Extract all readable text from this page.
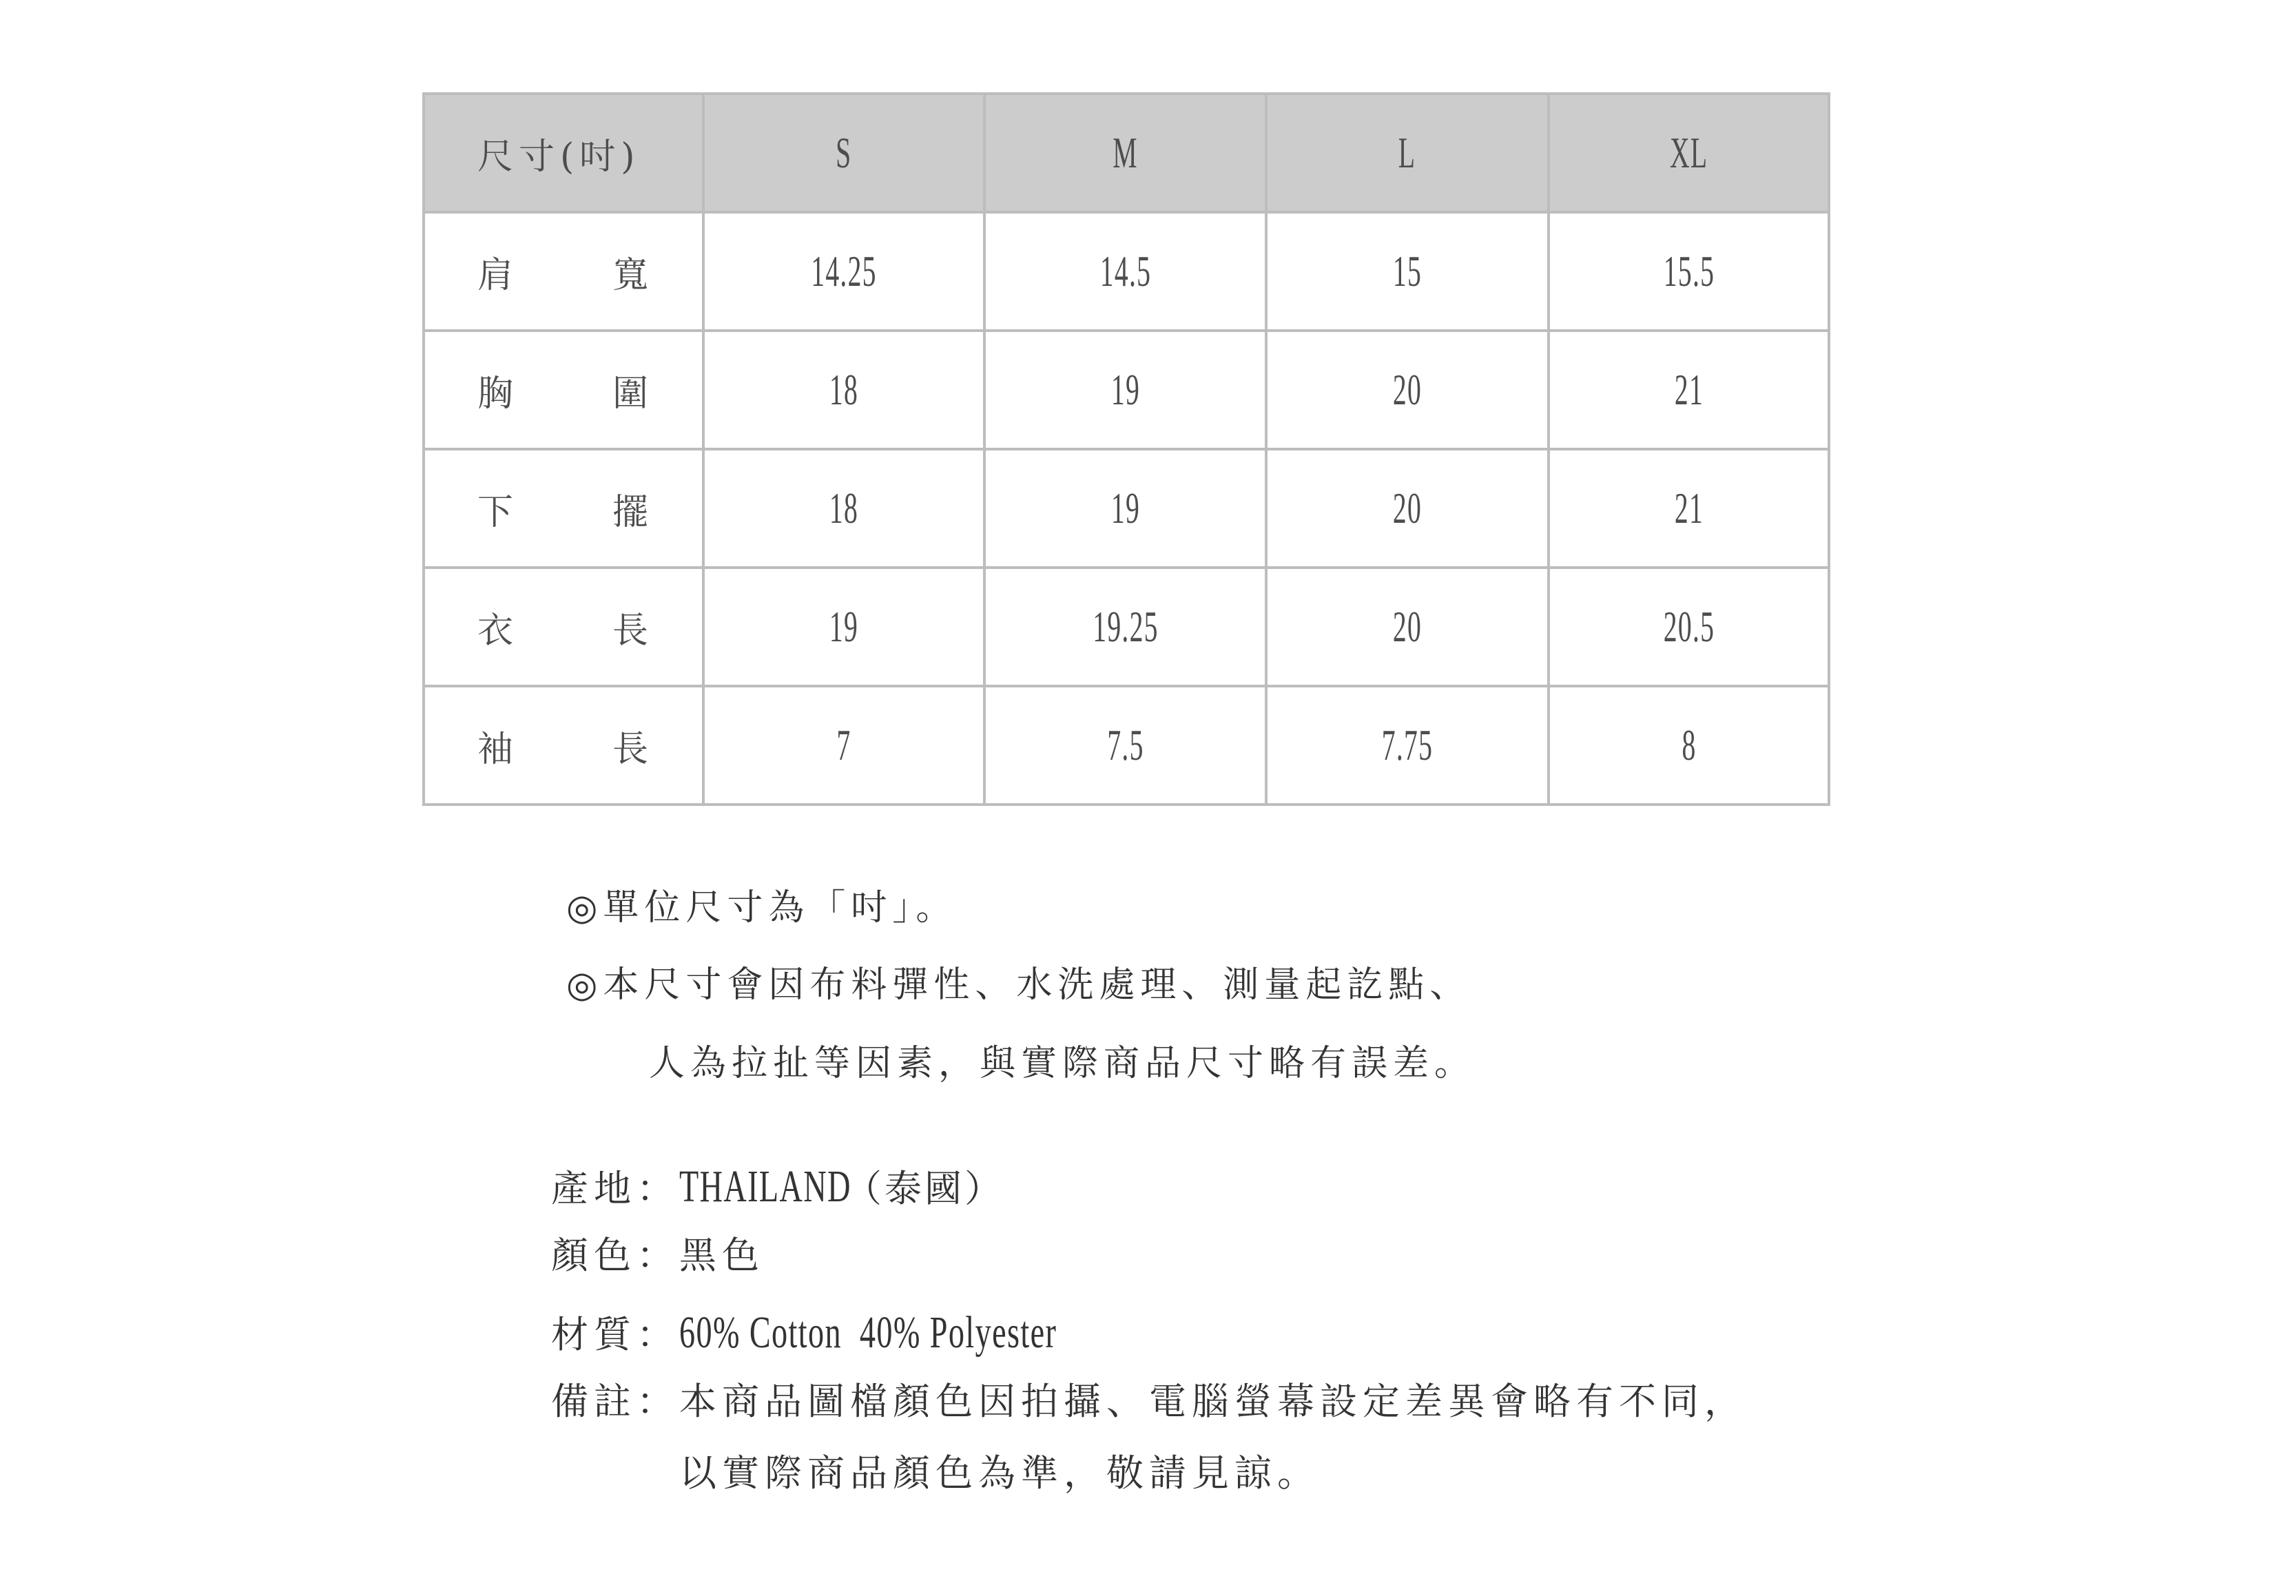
尺寸(吋)	S	M	L	XL

肩 寬	14.25	14.5	15	15.5

胸 圍	18	19	20	21

下 擺	18	19	20	21

衣 長	19	19.25	20	20.5

袖 長	7	7.5	7.75	8
◎單位尺寸為「吋」。
◎本尺寸會因布料彈性、水洗處理、測量起訖點、
人為拉扯等因素，與實際商品尺寸略有誤差。
產地： THAILAND
（泰國）
顏色： 黑色
材質： 60% Cotton  40% Polyester
備註： 本商品圖檔顏色因拍攝、電腦螢幕設定差異會略有不同，
以實際商品顏色為準，敬請見諒。
